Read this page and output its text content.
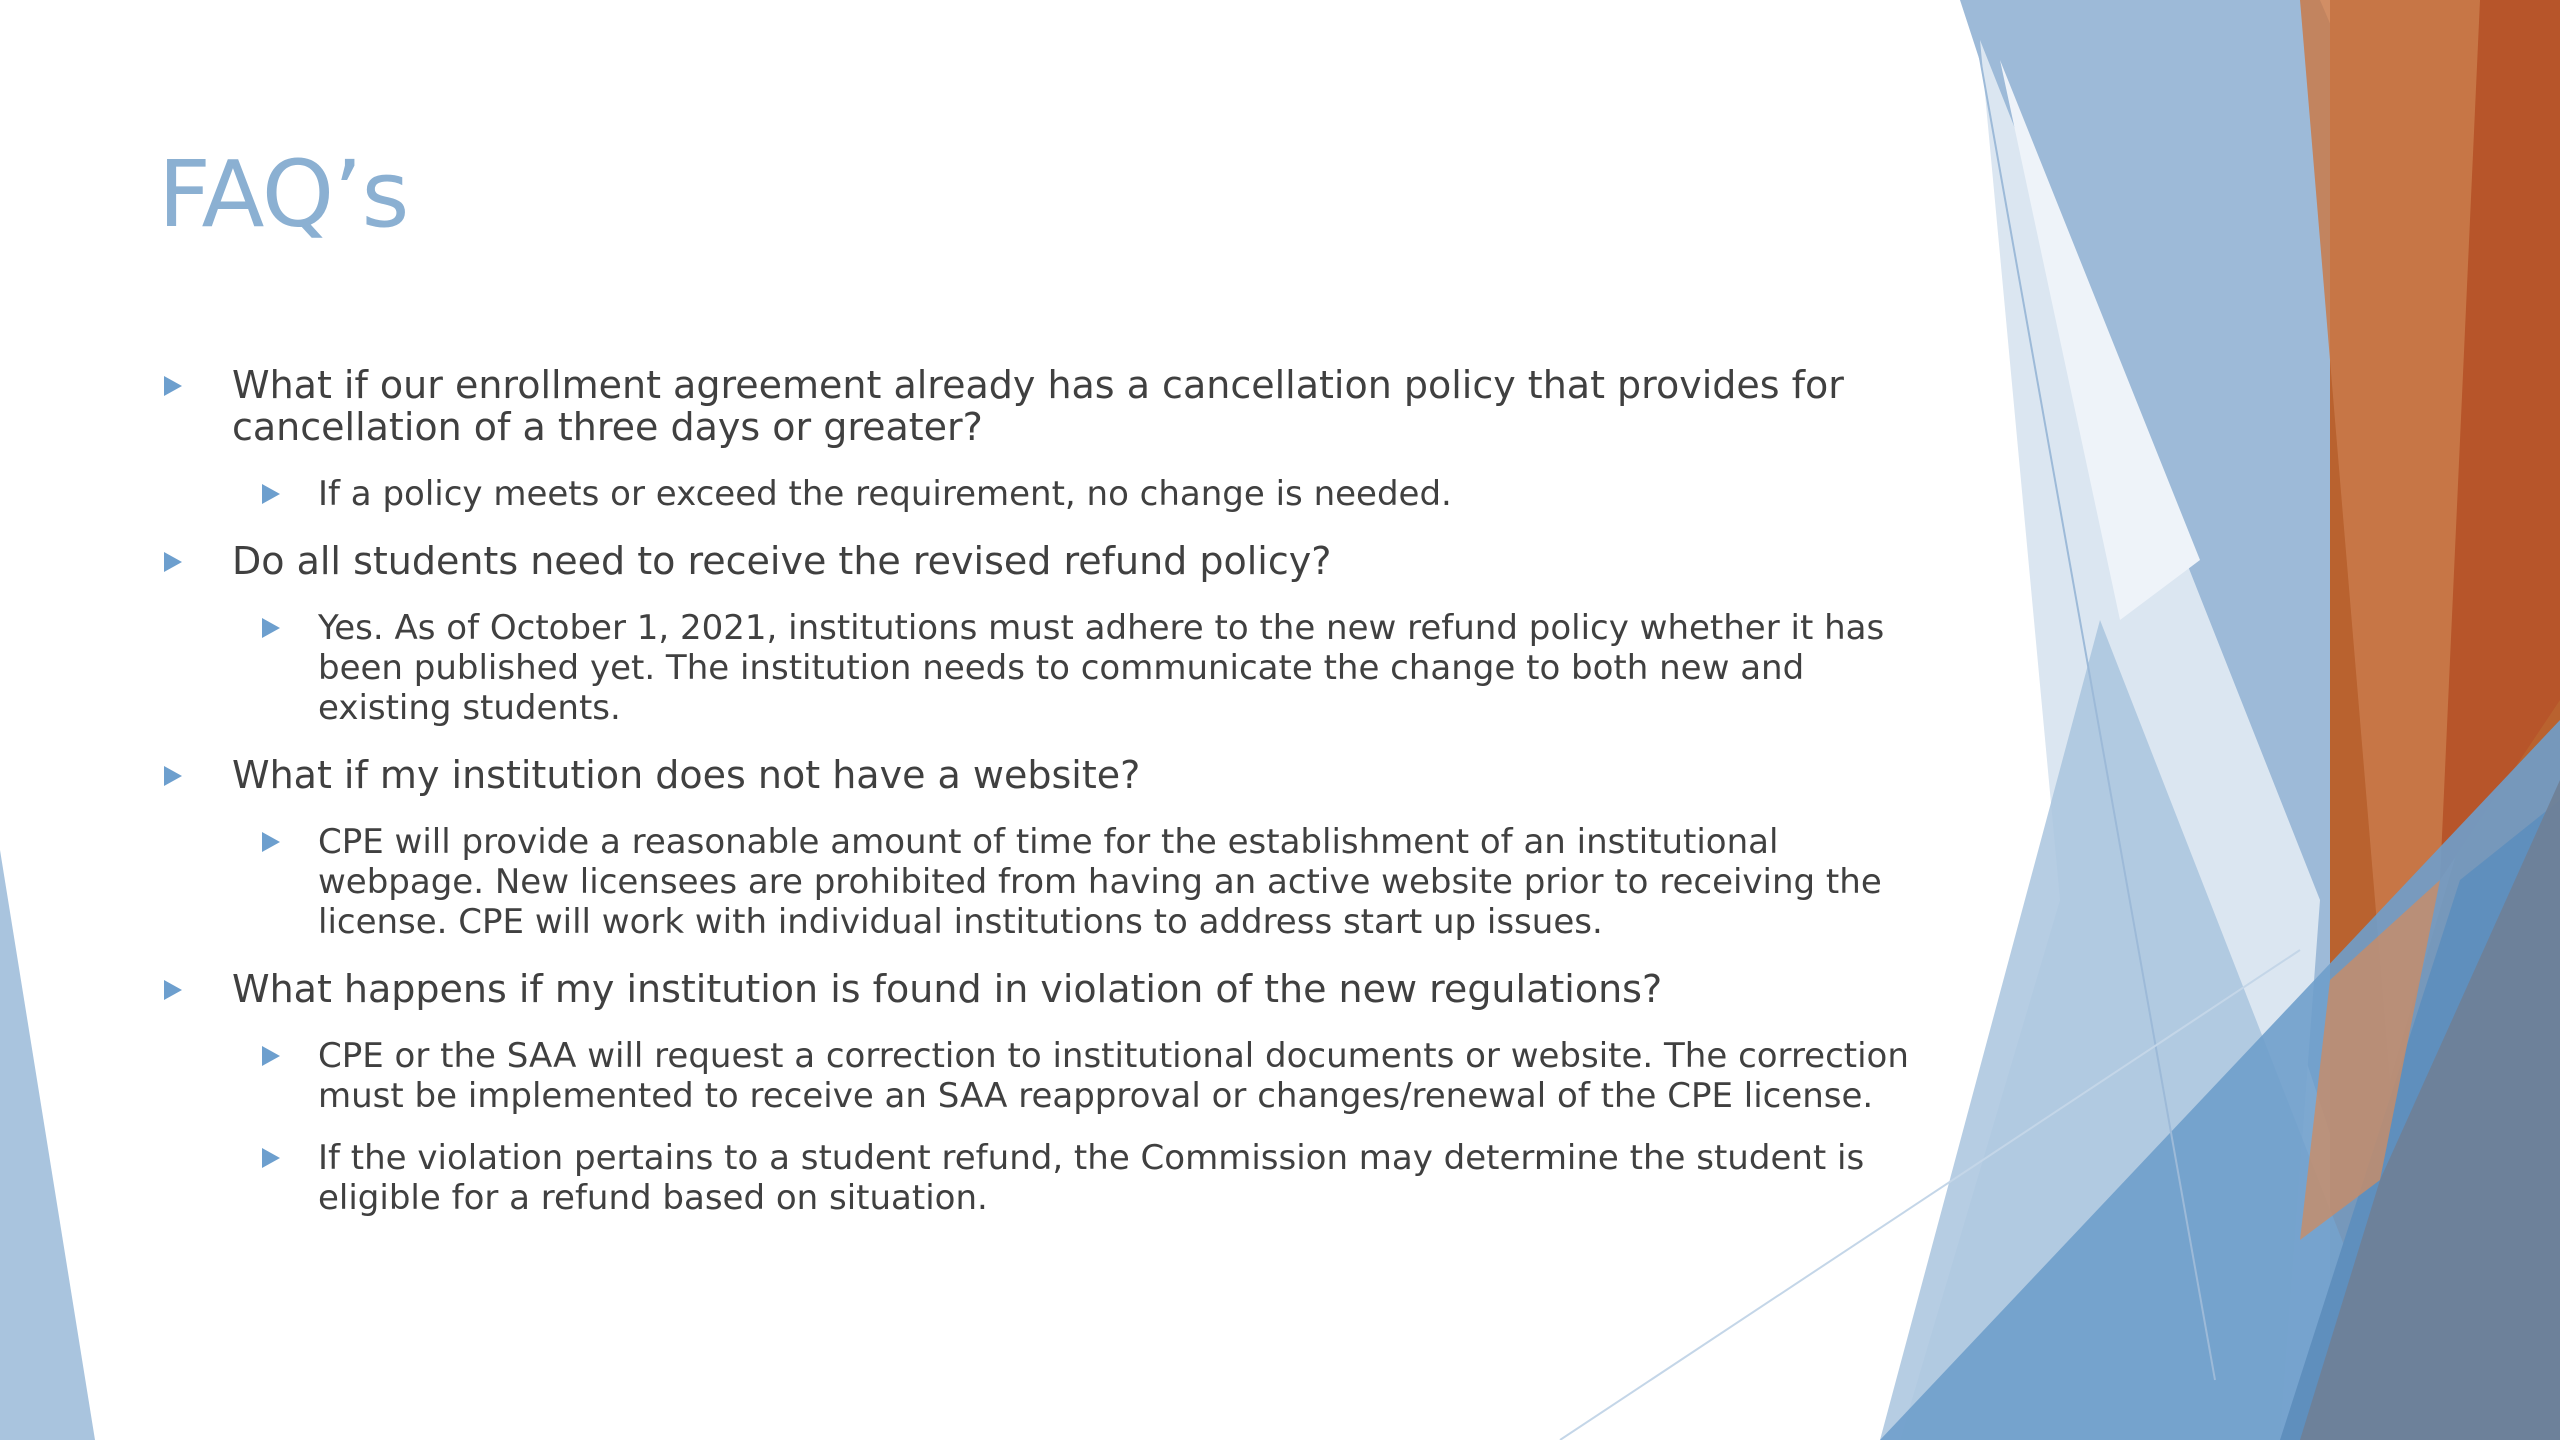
FAQ’s
What if our enrollment agreement already has a cancellation policy that provides for cancellation of a three days or greater?
If a policy meets or exceed the requirement, no change is needed.
Do all students need to receive the revised refund policy?
Yes. As of October 1, 2021, institutions must adhere to the new refund policy whether it has been published yet. The institution needs to communicate the change to both new and existing students.
What if my institution does not have a website?
CPE will provide a reasonable amount of time for the establishment of an institutional webpage. New licensees are prohibited from having an active website prior to receiving the license. CPE will work with individual institutions to address start up issues.
What happens if my institution is found in violation of the new regulations?
CPE or the SAA will request a correction to institutional documents or website. The correction must be implemented to receive an SAA reapproval or changes/renewal of the CPE license.
If the violation pertains to a student refund, the Commission may determine the student is eligible for a refund based on situation.
